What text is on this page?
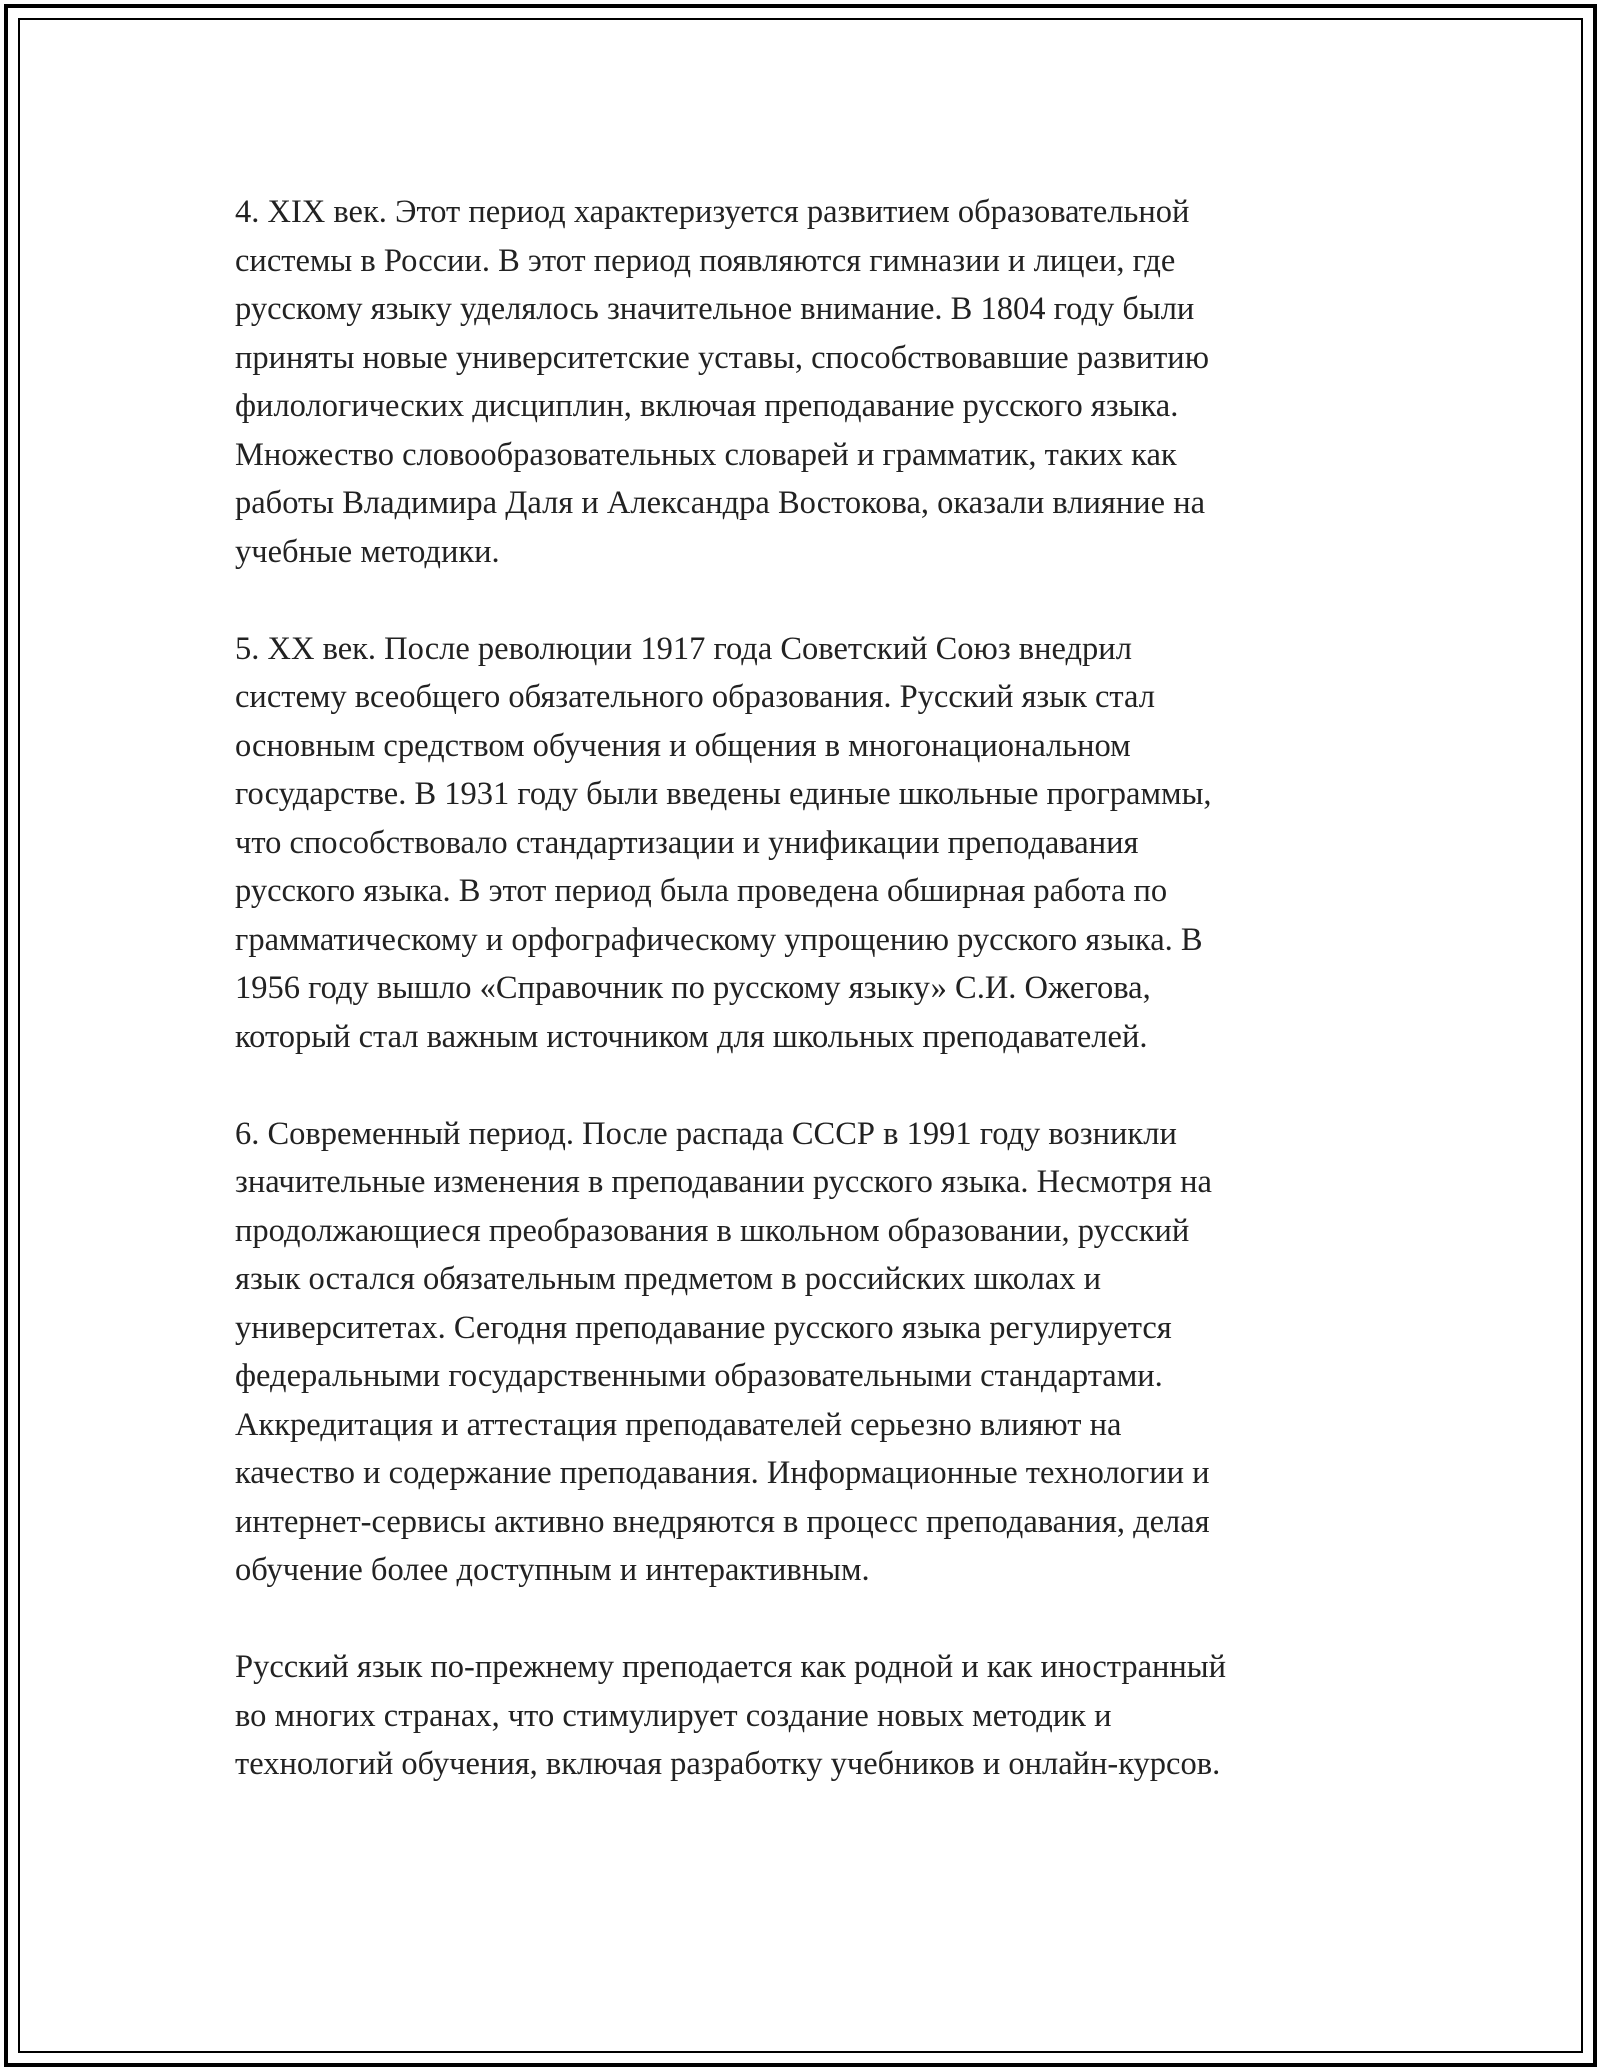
4. XIX век. Этот период характеризуется развитием образовательной
системы в России. В этот период появляются гимназии и лицеи, где
русскому языку уделялось значительное внимание. В 1804 году были
приняты новые университетские уставы, способствовавшие развитию
филологических дисциплин, включая преподавание русского языка.
Множество словообразовательных словарей и грамматик, таких как
работы Владимира Даля и Александра Востокова, оказали влияние на
учебные методики.

5. XX век. После революции 1917 года Советский Союз внедрил
систему всеобщего обязательного образования. Русский язык стал
основным средством обучения и общения в многонациональном
государстве. В 1931 году были введены единые школьные программы,
что способствовало стандартизации и унификации преподавания
русского языка. В этот период была проведена обширная работа по
грамматическому и орфографическому упрощению русского языка. В
1956 году вышло «Справочник по русскому языку» С.И. Ожегова,
который стал важным источником для школьных преподавателей.

6. Современный период. После распада СССР в 1991 году возникли
значительные изменения в преподавании русского языка. Несмотря на
продолжающиеся преобразования в школьном образовании, русский
язык остался обязательным предметом в российских школах и
университетах. Сегодня преподавание русского языка регулируется
федеральными государственными образовательными стандартами.
Аккредитация и аттестация преподавателей серьезно влияют на
качество и содержание преподавания. Информационные технологии и
интернет-сервисы активно внедряются в процесс преподавания, делая
обучение более доступным и интерактивным.

Русский язык по-прежнему преподается как родной и как иностранный
во многих странах, что стимулирует создание новых методик и
технологий обучения, включая разработку учебников и онлайн-курсов.
